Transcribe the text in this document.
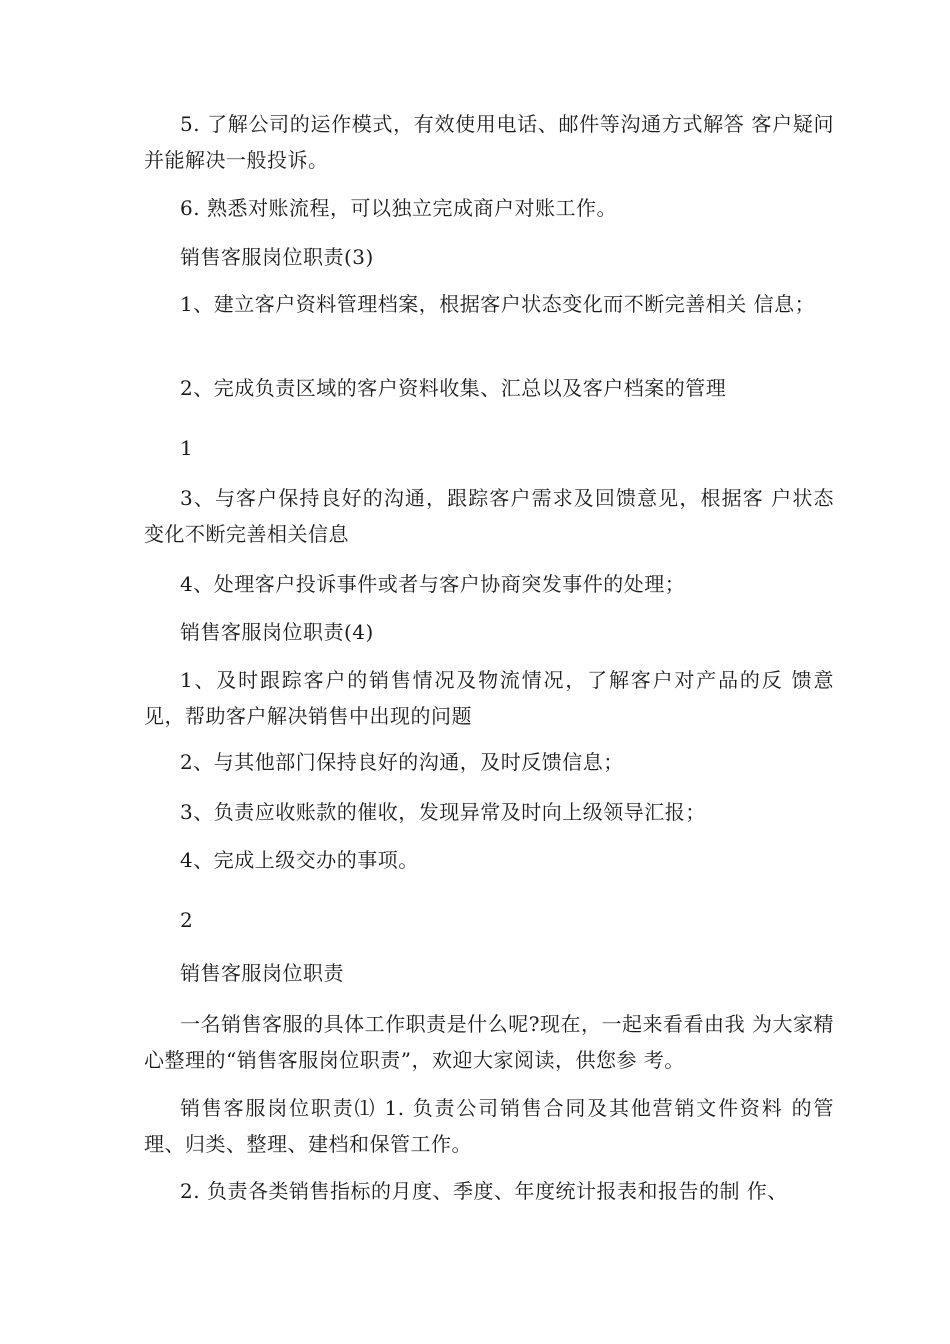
5. 了解公司的运作模式，有效使用电话、邮件等沟通方式解答 客户疑问并能解决一般投诉。

6. 熟悉对账流程，可以独立完成商户对账工作。

销售客服岗位职责(3)

1、建立客户资料管理档案，根据客户状态变化而不断完善相关 信息；

2、完成负责区域的客户资料收集、汇总以及客户档案的管理

1

3、与客户保持良好的沟通，跟踪客户需求及回馈意见，根据客 户状态变化不断完善相关信息

4、处理客户投诉事件或者与客户协商突发事件的处理；

销售客服岗位职责(4)

1、及时跟踪客户的销售情况及物流情况，了解客户对产品的反 馈意见，帮助客户解决销售中出现的问题

2、与其他部门保持良好的沟通，及时反馈信息；

3、负责应收账款的催收，发现异常及时向上级领导汇报；

4、完成上级交办的事项。

2

销售客服岗位职责

一名销售客服的具体工作职责是什么呢?现在，一起来看看由我 为大家精心整理的“销售客服岗位职责”，欢迎大家阅读，供您参 考。

销售客服岗位职责⑴ 1. 负责公司销售合同及其他营销文件资料 的管理、归类、整理、建档和保管工作。

2. 负责各类销售指标的月度、季度、年度统计报表和报告的制 作、
